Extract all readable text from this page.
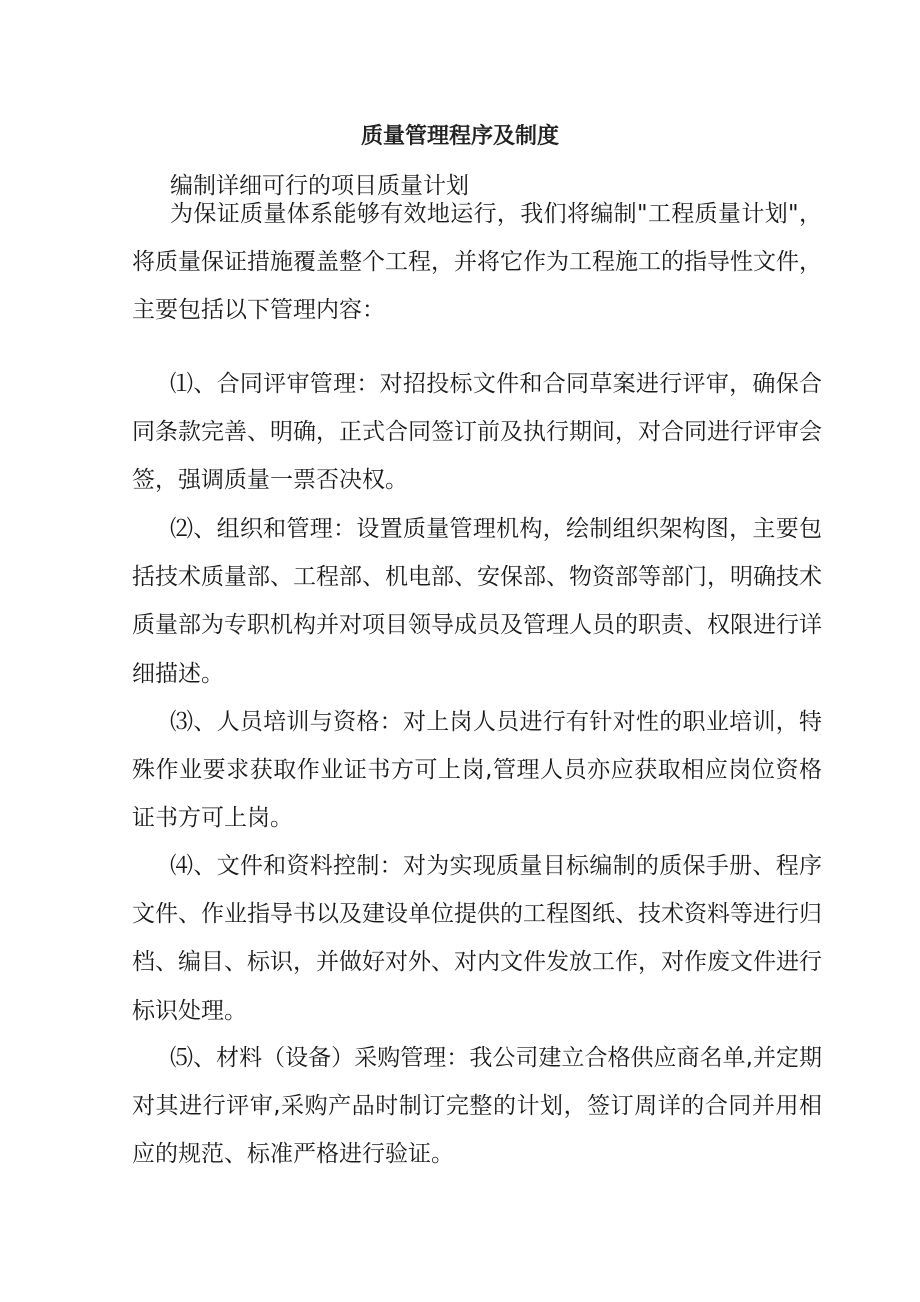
质量管理程序及制度
编制详细可行的项目质量计划

为保证质量体系能够有效地运行，我们将编制"工程质量计划"，将质量保证措施覆盖整个工程，并将它作为工程施工的指导性文件，主要包括以下管理内容：

⑴、合同评审管理：对招投标文件和合同草案进行评审，确保合同条款完善、明确，正式合同签订前及执行期间，对合同进行评审会签，强调质量一票否决权。

⑵、组织和管理：设置质量管理机构，绘制组织架构图，主要包括技术质量部、工程部、机电部、安保部、物资部等部门，明确技术质量部为专职机构并对项目领导成员及管理人员的职责、权限进行详细描述。

⑶、人员培训与资格：对上岗人员进行有针对性的职业培训，特殊作业要求获取作业证书方可上岗,管理人员亦应获取相应岗位资格证书方可上岗。

⑷、文件和资料控制：对为实现质量目标编制的质保手册、程序文件、作业指导书以及建设单位提供的工程图纸、技术资料等进行归档、编目、标识，并做好对外、对内文件发放工作，对作废文件进行标识处理。

⑸、材料（设备）采购管理：我公司建立合格供应商名单,并定期对其进行评审,采购产品时制订完整的计划，签订周详的合同并用相应的规范、标准严格进行验证。
